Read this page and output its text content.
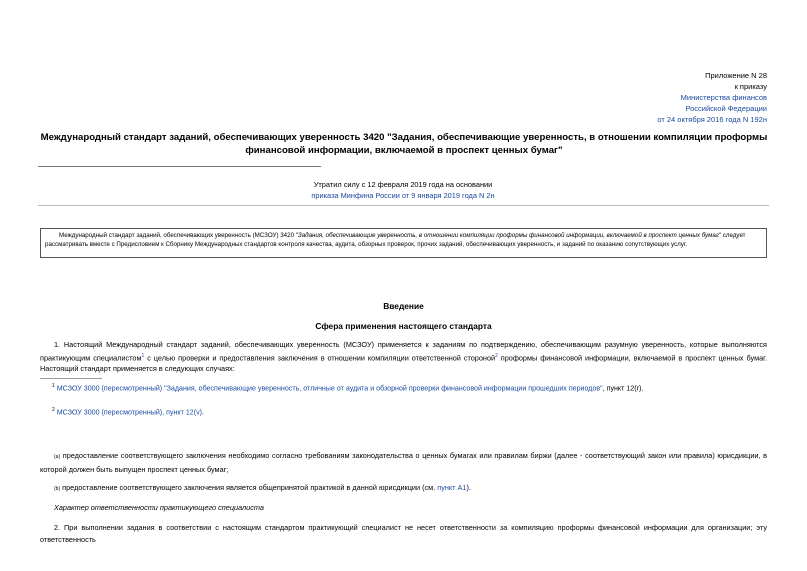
Приложение N 28
к приказу
Министерства финансов
Российской Федерации
от 24 октября 2016 года N 192н
Международный стандарт заданий, обеспечивающих уверенность 3420 "Задания, обеспечивающие уверенность, в отношении компиляции проформы финансовой информации, включаемой в проспект ценных бумаг"
Утратил силу с 12 февраля 2019 года на основании
приказа Минфина России от 9 января 2019 года N 2н

Международный стандарт заданий, обеспечивающих уверенность (МСЗОУ) 3420 "Задания, обеспечивающие уверенность, в отношении компиляции проформы финансовой информации, включаемой в проспект ценных бумаг" следует рассматривать вместе с Предисловием к Сборнику Международных стандартов контроля качества, аудита, обзорных проверок, прочих заданий, обеспечивающих уверенность, и заданий по оказанию сопутствующих услуг.

Введение
Сфера применения настоящего стандарта
1. Настоящий Международный стандарт заданий, обеспечивающих уверенность (МСЗОУ) применяется к заданиям по подтверждению, обеспечивающим разумную уверенность, которые выполняются практикующим специалистом$^1$ с целью проверки и предоставления заключения в отношении компиляции ответственной стороной$^2$ проформы финансовой информации, включаемой в проспект ценных бумаг. Настоящий стандарт применяется в следующих случаях:
$^1$ МСЗОУ 3000 (пересмотренный) "Задания, обеспечивающие уверенность, отличные от аудита и обзорной проверки финансовой информации прошедших периодов", пункт 12(r).
$^2$ МСЗОУ 3000 (пересмотренный), пункт 12(v).
(a) предоставление соответствующего заключения необходимо согласно требованиям законодательства о ценных бумагах или правилам биржи (далее - соответствующий закон или правила) юрисдикции, в которой должен быть выпущен проспект ценных бумаг;
(b) предоставление соответствующего заключения является общепринятой практикой в данной юрисдикции (см. пункт А1).
Характер ответственности практикующего специалиста
2. При выполнении задания в соответствии с настоящим стандартом практикующий специалист не несет ответственности за компиляцию проформы финансовой информации для организации; эту ответственность
